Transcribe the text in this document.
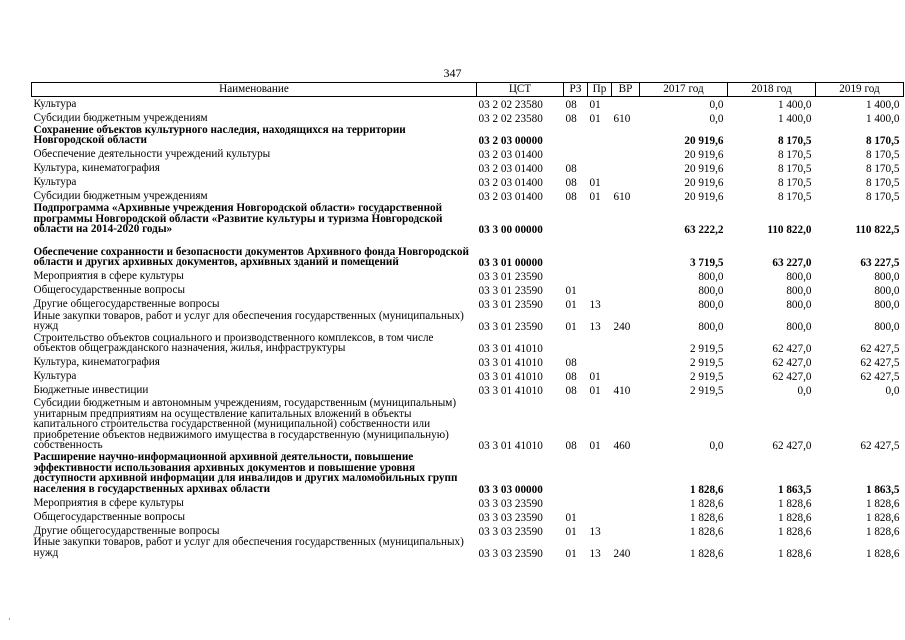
347
Наименование	ЦСТ	РЗ	Пр	ВР	2017 год	2018 год	2019 год
Культура	03 2 02 23580	08	01		0,0	1 400,0	1 400,0
Субсидии бюджетным учреждениям	03 2 02 23580	08	01	610	0,0	1 400,0	1 400,0
Сохранение объектов культурного наследия, находящихся на территории Новгородской области	03 2 03 00000				20 919,6	8 170,5	8 170,5
Обеспечение деятельности учреждений культуры	03 2 03 01400				20 919,6	8 170,5	8 170,5
Культура, кинематография	03 2 03 01400	08			20 919,6	8 170,5	8 170,5
Культура	03 2 03 01400	08	01		20 919,6	8 170,5	8 170,5
Субсидии бюджетным учреждениям	03 2 03 01400	08	01	610	20 919,6	8 170,5	8 170,5
Подпрограмма «Архивные учреждения Новгородской области» государственной программы Новгородской области «Развитие культуры и туризма Новгородской области на 2014-2020 годы»	03 3 00 00000				63 222,2	110 822,0	110 822,5
Обеспечение сохранности и безопасности документов Архивного фонда Новгородской области и других архивных документов, архивных зданий и помещений	03 3 01 00000				3 719,5	63 227,0	63 227,5
Мероприятия в сфере культуры	03 3 01 23590				800,0	800,0	800,0
Общегосударственные вопросы	03 3 01 23590	01			800,0	800,0	800,0
Другие общегосударственные вопросы	03 3 01 23590	01	13		800,0	800,0	800,0
Иные закупки товаров, работ и услуг для обеспечения государственных (муниципальных) нужд	03 3 01 23590	01	13	240	800,0	800,0	800,0
Строительство объектов социального и производственного комплексов, в том числе объектов общегражданского назначения, жилья, инфраструктуры	03 3 01 41010				2 919,5	62 427,0	62 427,5
Культура, кинематография	03 3 01 41010	08			2 919,5	62 427,0	62 427,5
Культура	03 3 01 41010	08	01		2 919,5	62 427,0	62 427,5
Бюджетные инвестиции	03 3 01 41010	08	01	410	2 919,5	0,0	0,0
Субсидии бюджетным и автономным учреждениям, государственным (муниципальным) унитарным предприятиям на осуществление капитальных вложений в объекты капитального строительства государственной (муниципальной) собственности или приобретение объектов недвижимого имущества в государственную (муниципальную) собственность	03 3 01 41010	08	01	460	0,0	62 427,0	62 427,5
Расширение научно-информационной архивной деятельности, повышение эффективности использования архивных документов и повышение уровня доступности архивной информации для инвалидов и других маломобильных групп населения в государственных архивах области	03 3 03 00000				1 828,6	1 863,5	1 863,5
Мероприятия в сфере культуры	03 3 03 23590				1 828,6	1 828,6	1 828,6
Общегосударственные вопросы	03 3 03 23590	01			1 828,6	1 828,6	1 828,6
Другие общегосударственные вопросы	03 3 03 23590	01	13		1 828,6	1 828,6	1 828,6
Иные закупки товаров, работ и услуг для обеспечения государственных (муниципальных) нужд	03 3 03 23590	01	13	240	1 828,6	1 828,6	1 828,6
·
